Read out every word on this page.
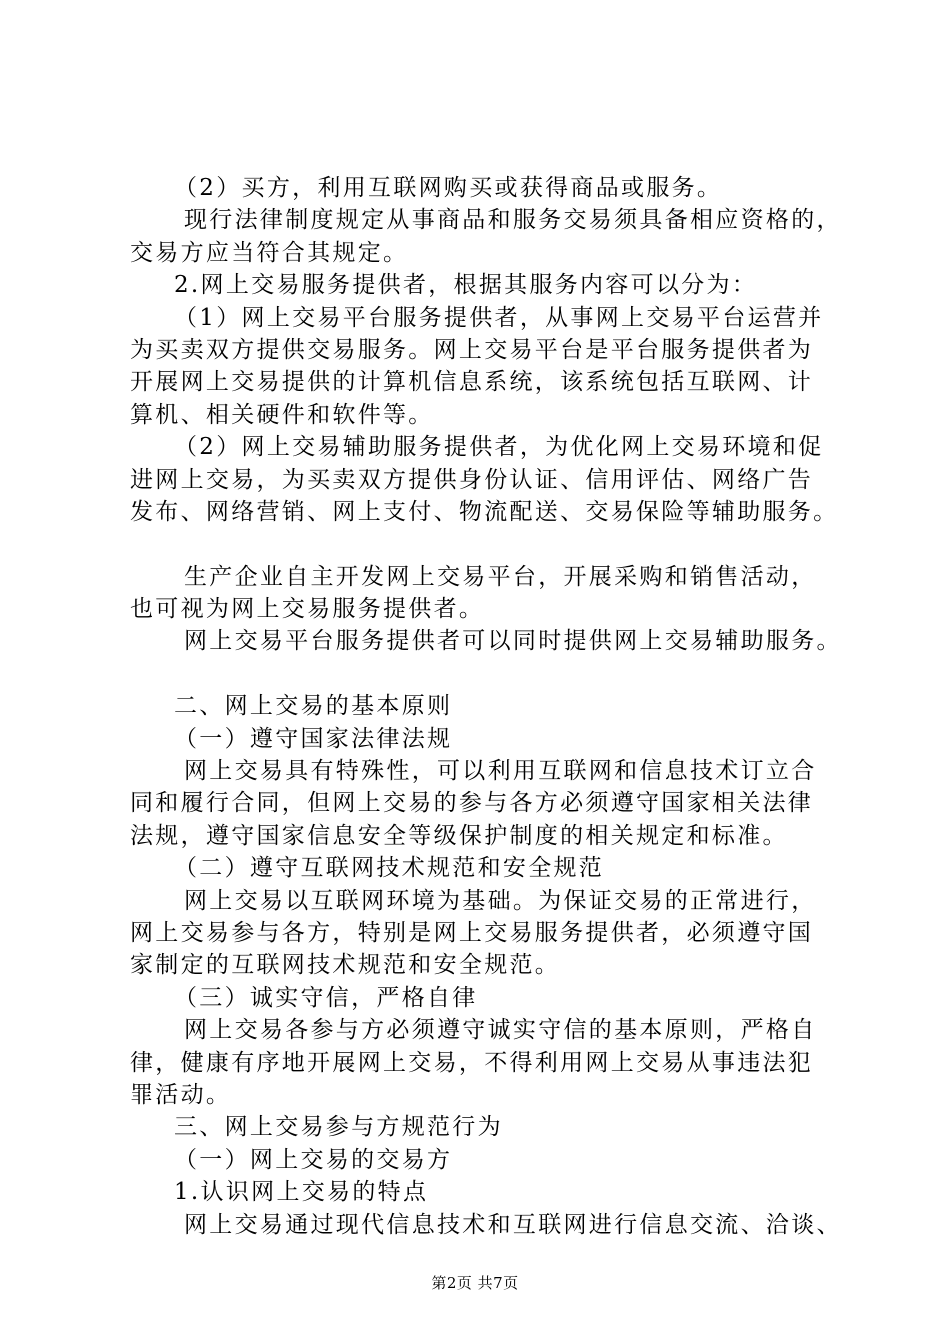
（2）买方，利用互联网购买或获得商品或服务。
现行法律制度规定从事商品和服务交易须具备相应资格的，
交易方应当符合其规定。
2.网上交易服务提供者，根据其服务内容可以分为：
（1）网上交易平台服务提供者，从事网上交易平台运营并
为买卖双方提供交易服务。网上交易平台是平台服务提供者为
开展网上交易提供的计算机信息系统，该系统包括互联网、计
算机、相关硬件和软件等。
（2）网上交易辅助服务提供者，为优化网上交易环境和促
进网上交易，为买卖双方提供身份认证、信用评估、网络广告
发布、网络营销、网上支付、物流配送、交易保险等辅助服务。
生产企业自主开发网上交易平台，开展采购和销售活动，
也可视为网上交易服务提供者。
网上交易平台服务提供者可以同时提供网上交易辅助服务。
二、网上交易的基本原则
（一）遵守国家法律法规
网上交易具有特殊性，可以利用互联网和信息技术订立合
同和履行合同，但网上交易的参与各方必须遵守国家相关法律
法规，遵守国家信息安全等级保护制度的相关规定和标准。
（二）遵守互联网技术规范和安全规范
网上交易以互联网环境为基础。为保证交易的正常进行，
网上交易参与各方，特别是网上交易服务提供者，必须遵守国
家制定的互联网技术规范和安全规范。
（三）诚实守信，严格自律
网上交易各参与方必须遵守诚实守信的基本原则，严格自
律，健康有序地开展网上交易，不得利用网上交易从事违法犯
罪活动。
三、网上交易参与方规范行为
（一）网上交易的交易方
1.认识网上交易的特点
网上交易通过现代信息技术和互联网进行信息交流、洽谈、
第2页 共7页
